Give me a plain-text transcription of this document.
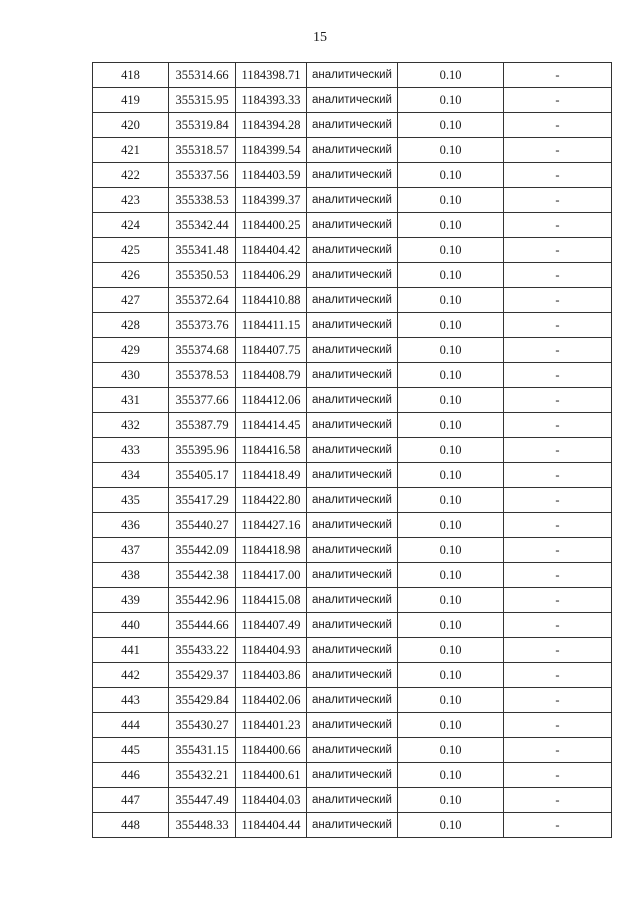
15
418	355314.66	1184398.71	аналитический	0.10	-
419	355315.95	1184393.33	аналитический	0.10	-
420	355319.84	1184394.28	аналитический	0.10	-
421	355318.57	1184399.54	аналитический	0.10	-
422	355337.56	1184403.59	аналитический	0.10	-
423	355338.53	1184399.37	аналитический	0.10	-
424	355342.44	1184400.25	аналитический	0.10	-
425	355341.48	1184404.42	аналитический	0.10	-
426	355350.53	1184406.29	аналитический	0.10	-
427	355372.64	1184410.88	аналитический	0.10	-
428	355373.76	1184411.15	аналитический	0.10	-
429	355374.68	1184407.75	аналитический	0.10	-
430	355378.53	1184408.79	аналитический	0.10	-
431	355377.66	1184412.06	аналитический	0.10	-
432	355387.79	1184414.45	аналитический	0.10	-
433	355395.96	1184416.58	аналитический	0.10	-
434	355405.17	1184418.49	аналитический	0.10	-
435	355417.29	1184422.80	аналитический	0.10	-
436	355440.27	1184427.16	аналитический	0.10	-
437	355442.09	1184418.98	аналитический	0.10	-
438	355442.38	1184417.00	аналитический	0.10	-
439	355442.96	1184415.08	аналитический	0.10	-
440	355444.66	1184407.49	аналитический	0.10	-
441	355433.22	1184404.93	аналитический	0.10	-
442	355429.37	1184403.86	аналитический	0.10	-
443	355429.84	1184402.06	аналитический	0.10	-
444	355430.27	1184401.23	аналитический	0.10	-
445	355431.15	1184400.66	аналитический	0.10	-
446	355432.21	1184400.61	аналитический	0.10	-
447	355447.49	1184404.03	аналитический	0.10	-
448	355448.33	1184404.44	аналитический	0.10	-
